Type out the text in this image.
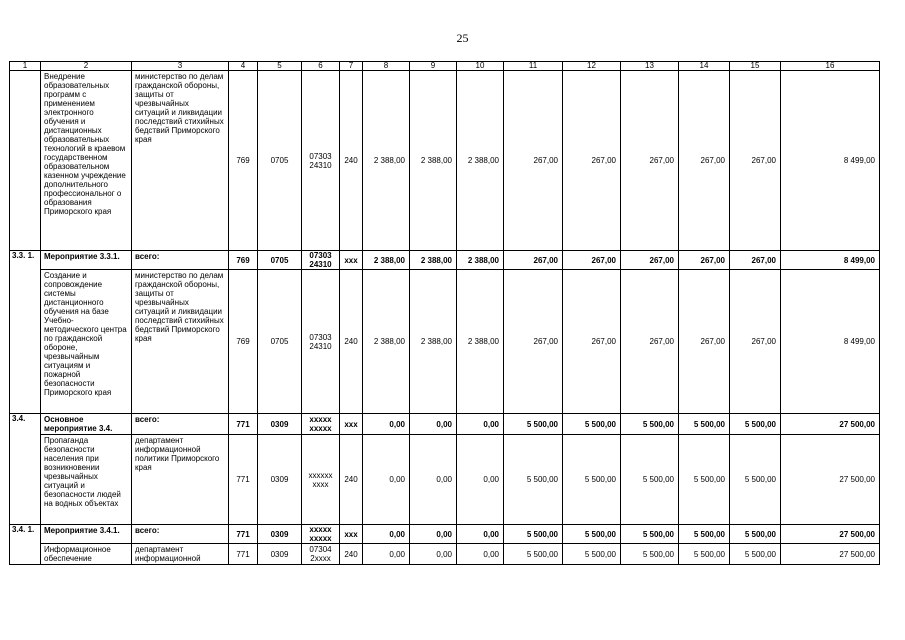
25
1	2	3	4	5	6	7	8	9	10	11	12	13	14	15	16
	Внедрение образовательных программ с применением электронного обучения и дистанционных образовательных технологий в краевом государственном образовательном казенном учреждение дополнительного профессиональног о образования Приморского края	министерство по делам гражданской обороны, защиты от чрезвычайных ситуаций и ликвидации последствий стихийных бедствий Приморского края	769	0705	07303 24310	240	2 388,00	2 388,00	2 388,00	267,00	267,00	267,00	267,00	267,00	8 499,00
3.3. 1.	Мероприятие 3.3.1.	всего:	769	0705	07303 24310	ххх	2 388,00	2 388,00	2 388,00	267,00	267,00	267,00	267,00	267,00	8 499,00
	Создание и сопровождение системы дистанционного обучения на базе Учебно-методического центра по гражданской обороне, чрезвычайным ситуациям и пожарной безопасности Приморского края	министерство по делам гражданской обороны, защиты от чрезвычайных ситуаций и ликвидации последствий стихийных бедствий Приморского края	769	0705	07303 24310	240	2 388,00	2 388,00	2 388,00	267,00	267,00	267,00	267,00	267,00	8 499,00
3.4.	Основное мероприятие 3.4.	всего:	771	0309	ххххх ххххх	ххх	0,00	0,00	0,00	5 500,00	5 500,00	5 500,00	5 500,00	5 500,00	27 500,00
	Пропаганда безопасности населения при возникновении чрезвычайных ситуаций и безопасности людей на водных объектах	департамент информационной политики Приморского края	771	0309	хххххх хххх	240	0,00	0,00	0,00	5 500,00	5 500,00	5 500,00	5 500,00	5 500,00	27 500,00
3.4. 1.	Мероприятие 3.4.1.	всего:	771	0309	ххххх ххххх	ххх	0,00	0,00	0,00	5 500,00	5 500,00	5 500,00	5 500,00	5 500,00	27 500,00
	Информационное обеспечение	департамент информационной	771	0309	07304 2хххх	240	0,00	0,00	0,00	5 500,00	5 500,00	5 500,00	5 500,00	5 500,00	27 500,00
